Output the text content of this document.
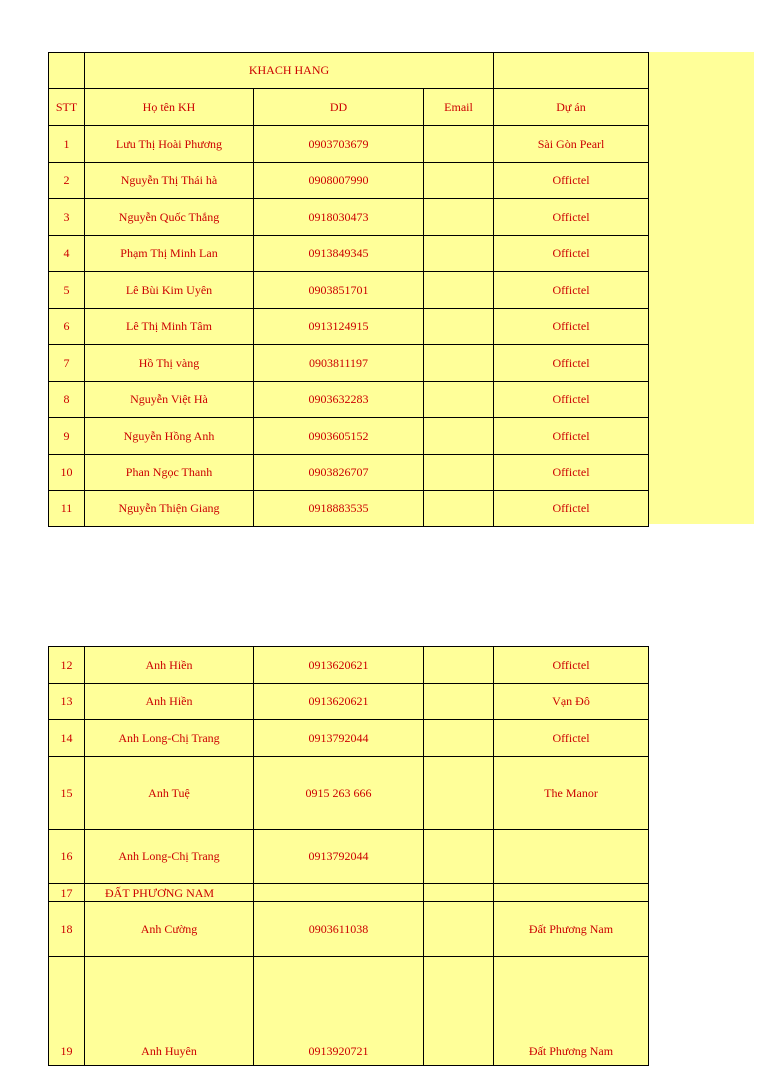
	KHACH HANG			
STT	Họ tên KH	DD	Email	Dự án
1	Lưu Thị Hoài Phương	0903703679		Sài Gòn Pearl
2	Nguyễn Thị Thái hà	0908007990		Offictel
3	Nguyễn Quốc Thắng	0918030473		Offictel
4	Phạm Thị Minh Lan	0913849345		Offictel
5	Lê Bùi Kim Uyên	0903851701		Offictel
6	Lê Thị Minh Tâm	0913124915		Offictel
7	Hồ Thị vàng	0903811197		Offictel
8	Nguyễn Việt Hà	0903632283		Offictel
9	Nguyễn Hồng Anh	0903605152		Offictel
10	Phan Ngọc Thanh	0903826707		Offictel
11	Nguyễn Thiện Giang	0918883535		Offictel
12	Anh Hiền	0913620621		Offictel
13	Anh Hiền	0913620621		Vạn Đô
14	Anh Long-Chị Trang	0913792044		Offictel
15	Anh Tuệ	0915 263 666		The Manor
16	Anh Long-Chị Trang	0913792044		
17	ĐẤT PHƯƠNG NAM			
18	Anh Cường	0903611038		Đất Phương Nam
19	Anh Huyên	0913920721		Đất Phương Nam
